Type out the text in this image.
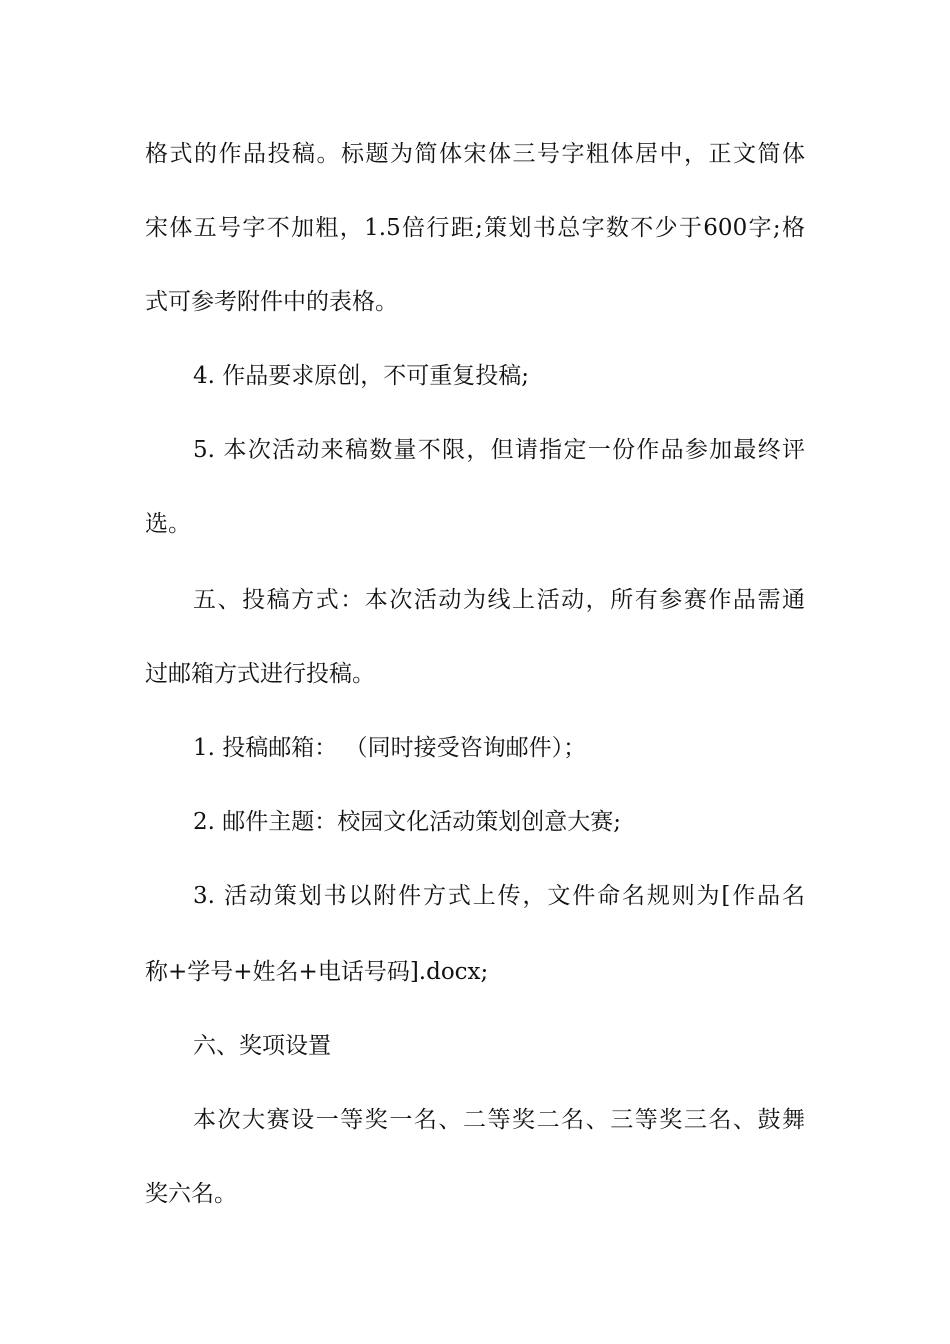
格式的作品投稿。标题为简体宋体三号字粗体居中，正文简体

宋体五号字不加粗，1.5倍行距;策划书总字数不少于600字;格

式可参考附件中的表格。

4. 作品要求原创，不可重复投稿;

5. 本次活动来稿数量不限，但请指定一份作品参加最终评

选。

五、投稿方式：本次活动为线上活动，所有参赛作品需通

过邮箱方式进行投稿。

1. 投稿邮箱： （同时接受咨询邮件）；

2. 邮件主题：校园文化活动策划创意大赛;

3. 活动策划书以附件方式上传，文件命名规则为[作品名

称+学号+姓名+电话号码].docx;

六、奖项设置

本次大赛设一等奖一名、二等奖二名、三等奖三名、鼓舞

奖六名。
